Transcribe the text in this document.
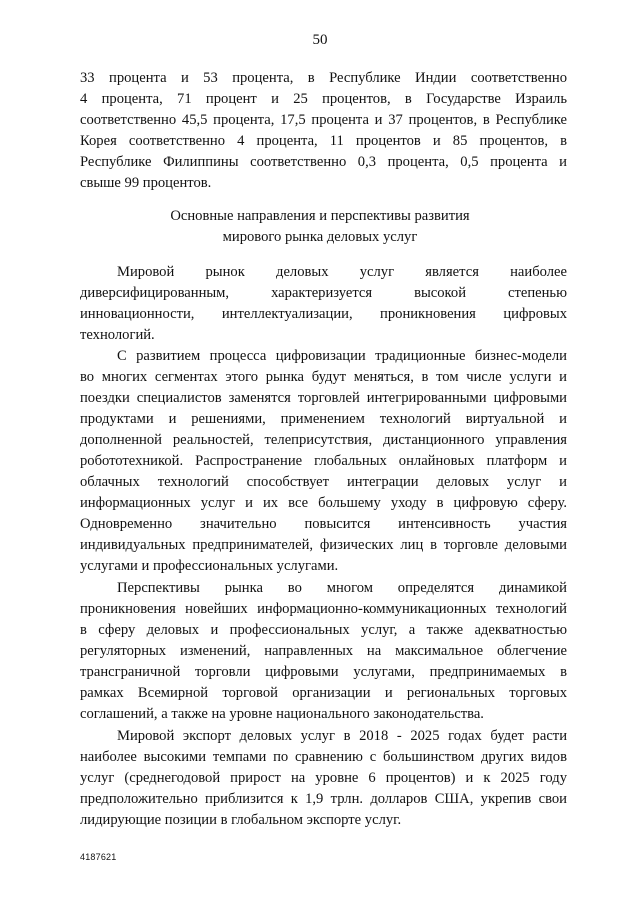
50
33 процента и 53 процента, в Республике Индии соответственно
4 процента, 71 процент и 25 процентов, в Государстве Израиль
соответственно 45,5 процента, 17,5 процента и 37 процентов, в Республике
Корея соответственно 4 процента, 11 процентов и 85 процентов, в
Республике Филиппины соответственно 0,3 процента, 0,5 процента и
свыше 99 процентов.
Основные направления и перспективы развития
мирового рынка деловых услуг
Мировой рынок деловых услуг является наиболее
диверсифицированным, характеризуется высокой степенью
инновационности, интеллектуализации, проникновения цифровых
технологий.
С развитием процесса цифровизации традиционные бизнес-модели
во многих сегментах этого рынка будут меняться, в том числе услуги и
поездки специалистов заменятся торговлей интегрированными цифровыми
продуктами и решениями, применением технологий виртуальной и
дополненной реальностей, телеприсутствия, дистанционного управления
робототехникой. Распространение глобальных онлайновых платформ и
облачных технологий способствует интеграции деловых услуг и
информационных услуг и их все большему уходу в цифровую сферу.
Одновременно значительно повысится интенсивность участия
индивидуальных предпринимателей, физических лиц в торговле деловыми
услугами и профессиональных услугами.
Перспективы рынка во многом определятся динамикой
проникновения новейших информационно-коммуникационных технологий
в сферу деловых и профессиональных услуг, а также адекватностью
регуляторных изменений, направленных на максимальное облегчение
трансграничной торговли цифровыми услугами, предпринимаемых в
рамках Всемирной торговой организации и региональных торговых
соглашений, а также на уровне национального законодательства.
Мировой экспорт деловых услуг в 2018 - 2025 годах будет расти
наиболее высокими темпами по сравнению с большинством других видов
услуг (среднегодовой прирост на уровне 6 процентов) и к 2025 году
предположительно приблизится к 1,9 трлн. долларов США, укрепив свои
лидирующие позиции в глобальном экспорте услуг.
4187621
